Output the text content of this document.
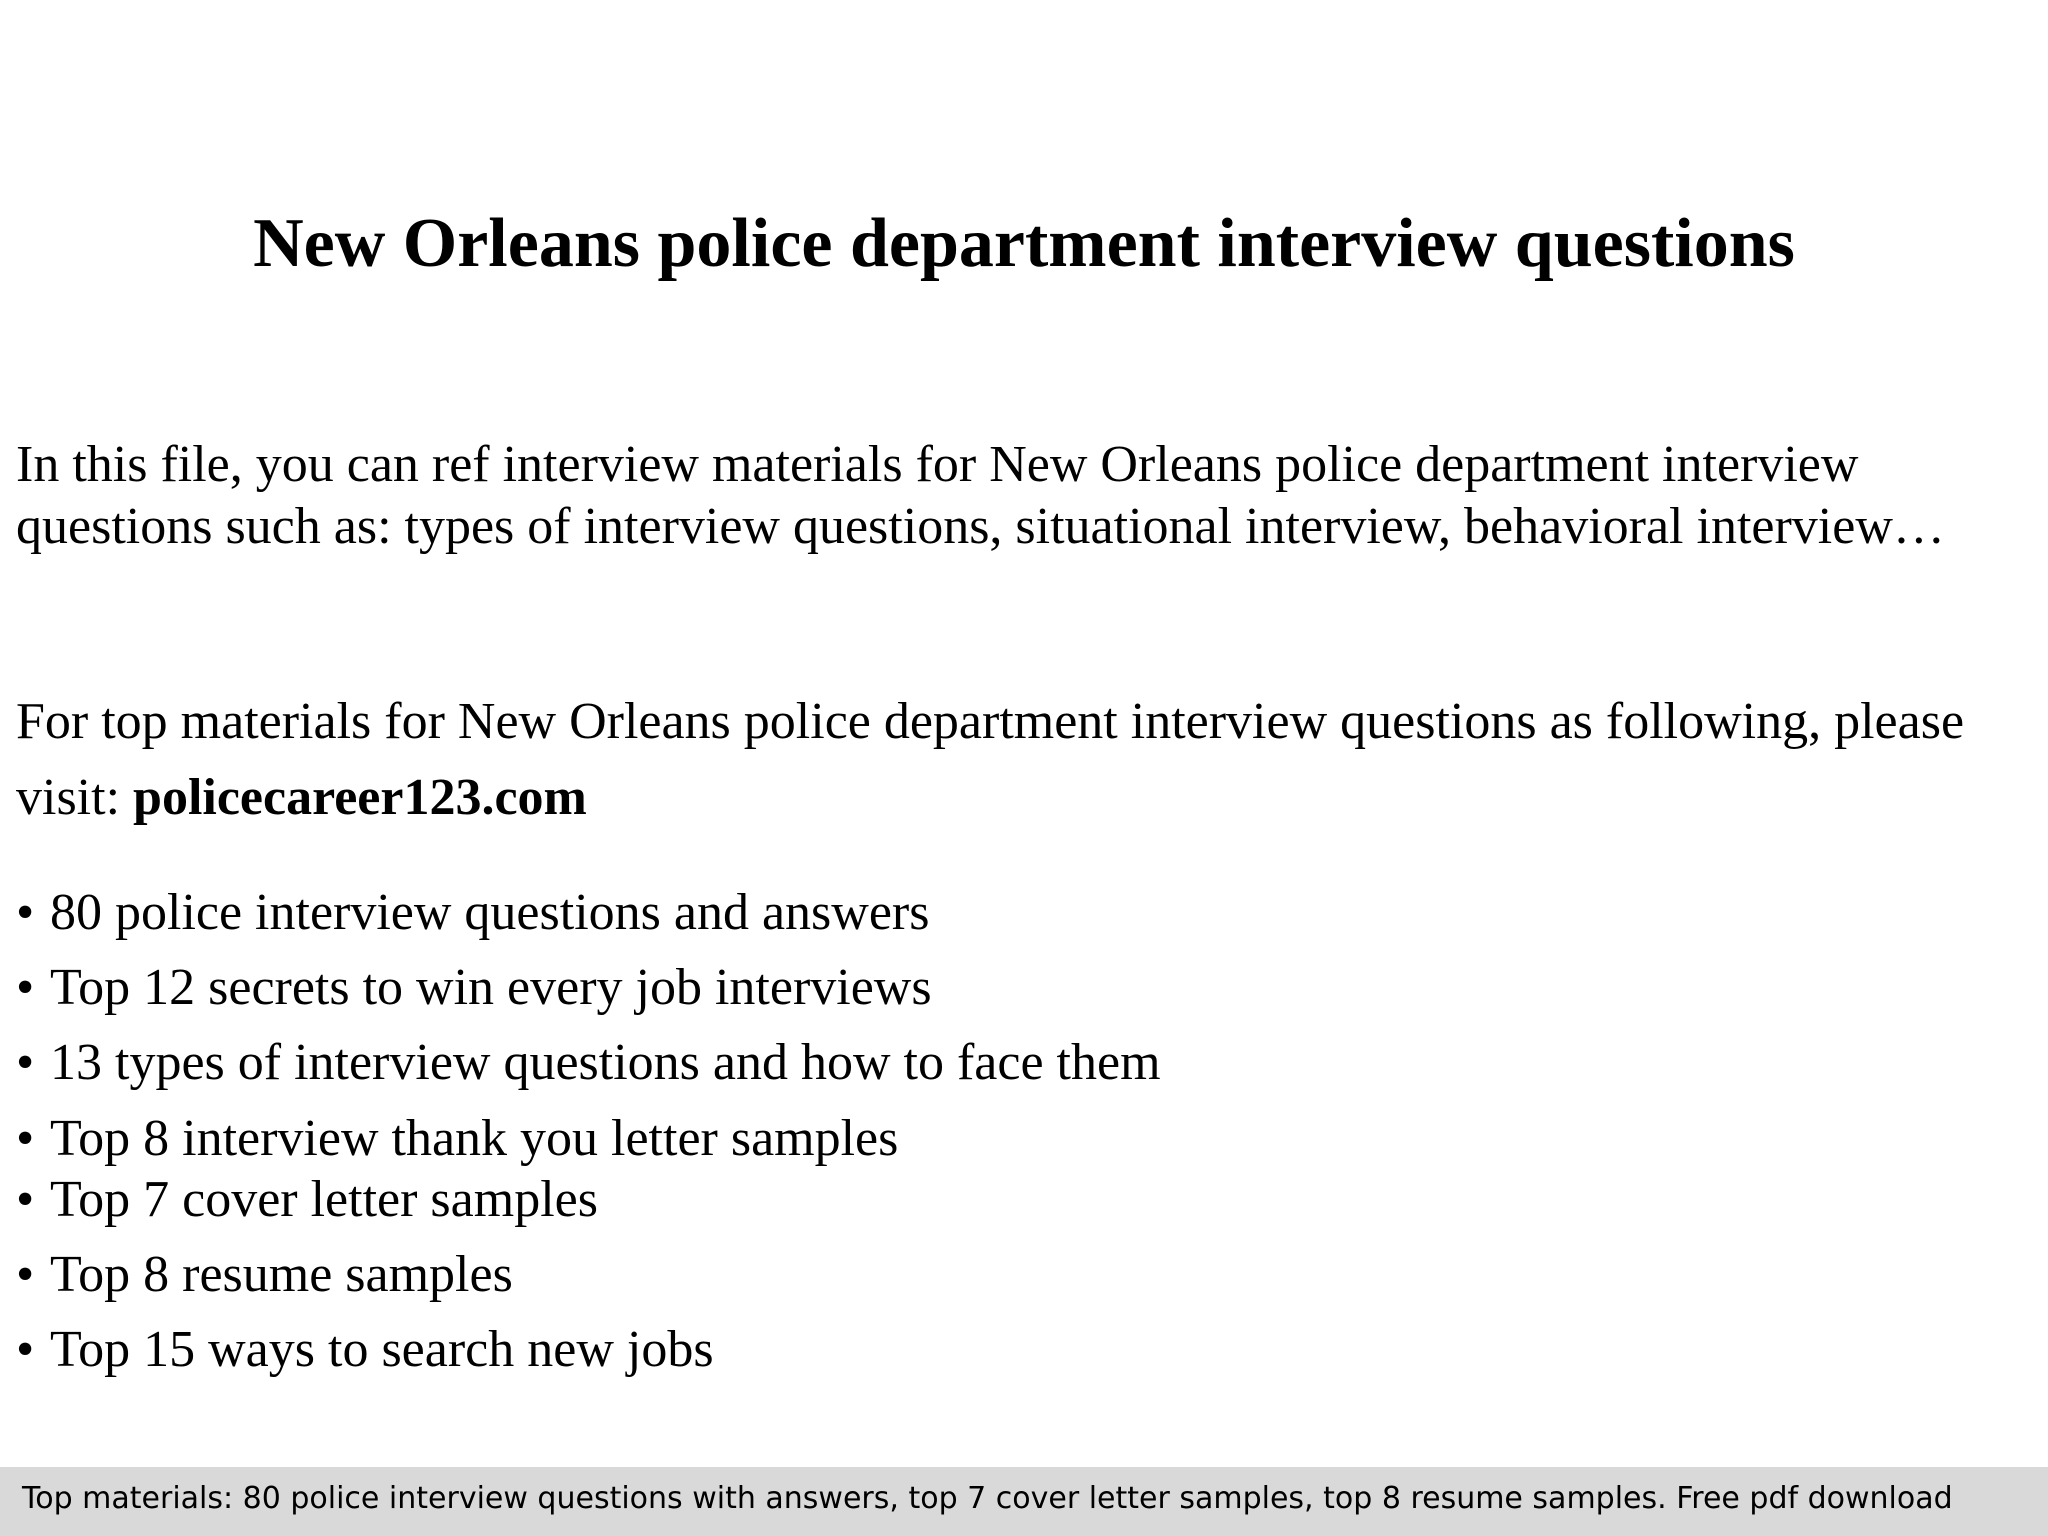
New Orleans police department interview questions

In this file, you can ref interview materials for New Orleans police department interview questions such as: types of interview questions, situational interview, behavioral interview…

For top materials for New Orleans police department interview questions as following, please visit: policecareer123.com

• 80 police interview questions and answers
• Top 12 secrets to win every job interviews
• 13 types of interview questions and how to face them
• Top 8 interview thank you letter samples
• Top 7 cover letter samples
• Top 8 resume samples
• Top 15 ways to search new jobs
Top materials: 80 police interview questions with answers, top 7 cover letter samples, top 8 resume samples. Free pdf download
